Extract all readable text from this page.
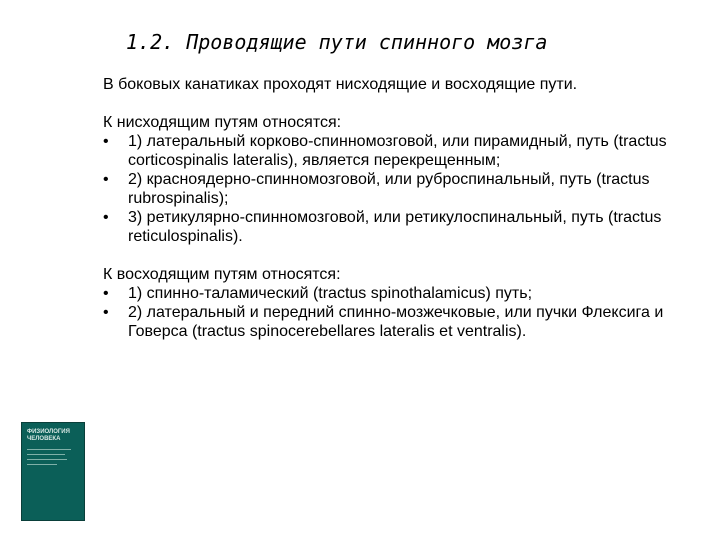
1.2. Проводящие пути спинного мозга

В боковых канатиках проходят нисходящие и восходящие пути.

К нисходящим путям относятся:

• 1) латеральный корково-спинномозговой, или пирамидный, путь (tractus corticospinalis lateralis), является перекрещенным;
• 2) красноядерно-спинномозговой, или руброспинальный, путь (tractus rubrospinalis);
• 3) ретикулярно-спинномозговой, или ретикулоспинальный, путь (tractus reticulospinalis).

К восходящим путям относятся:

• 1) спинно-таламический (tractus spinothalamicus) путь;
• 2) латеральный и передний спинно-мозжечковые, или пучки Флексига и Говерса (tractus spinocerebellares lateralis et ventralis).
ФИЗИОЛОГИЯ ЧЕЛОВЕКА
